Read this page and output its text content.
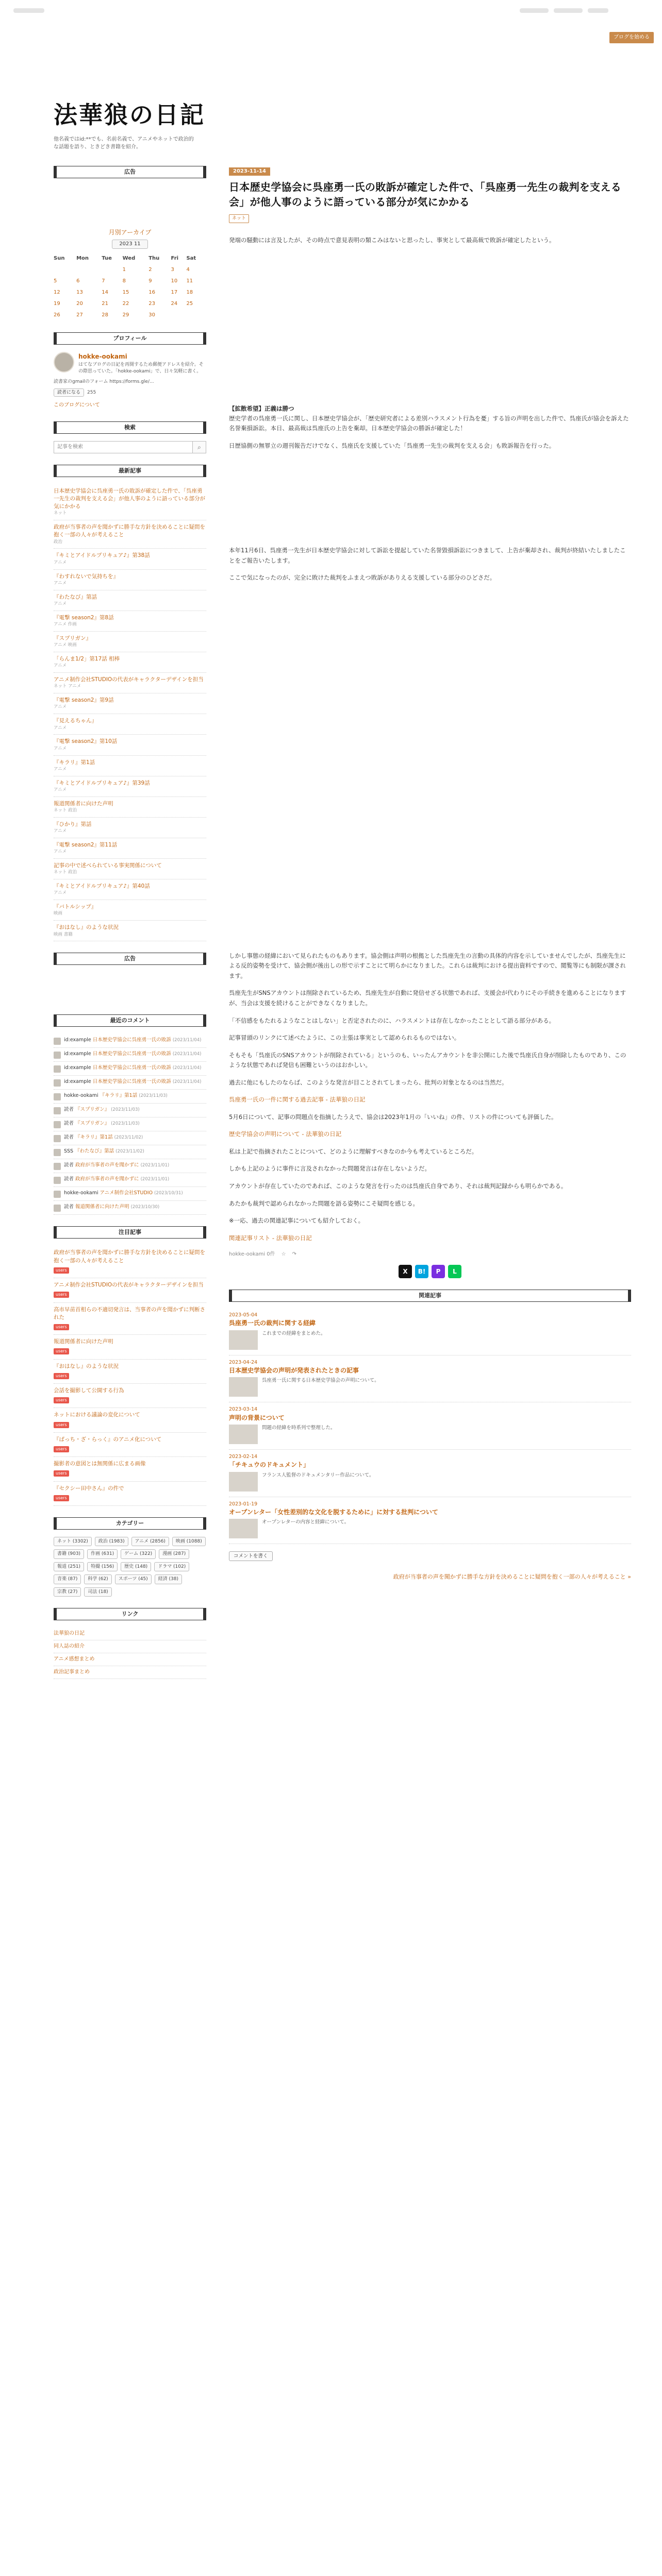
ブログを始める
法華狼の日記

他名義ではid:**でも、名前名義で、アニメやネットで政治的な話題を語り、ときどき書籍を紹介。

広告
月別アーカイブ
2023 11
Sun	Mon	Tue	Wed	Thu	Fri	Sat
			1	2	3	4
5	6	7	8	9	10	11
12	13	14	15	16	17	18
19	20	21	22	23	24	25
26	27	28	29	30		
プロフィール
hokke-ookami
はてなブログの日記を再開するため郵便アドレスを紹介。その際思っていた。「hokke-ookami」で、日々気軽に書く。
読書家のgmailのフォーム https://forms.gle/...
読者になる	255
このブログについて
検索
記事を検索
⌕
最新記事
日本歴史学協会に呉座勇一氏の敗訴が確定した件で、「呉座勇一先生の裁判を支える会」が他人事のように語っている部分が気にかかる
ネット
政府が当事者の声を聞かずに勝手な方針を決めることに疑問を抱く一部の人々が考えること
政治
『キミとアイドルプリキュア♪』第38話
アニメ
『わすれないで気持ちを』
アニメ
『わたなび』第話
アニメ
『電撃 season2』第8話
アニメ 作画
『スプリガン』
アニメ 映画
「らんま1/2」第17話 相棒
アニメ
アニメ制作会社STUDIOの代表がキャラクターデザインを担当
ネット アニメ
『電撃 season2』第9話
アニメ
『見えるちゃん』
アニメ
『電撃 season2』第10話
アニメ
『キラリ』第1話
アニメ
『キミとアイドルプリキュア♪』第39話
アニメ
報道関係者に向けた声明
ネット 政治
『ひかり』第話
アニメ
『電撃 season2』第11話
アニメ
記事の中で述べられている事実関係について
ネット 政治
『キミとアイドルプリキュア♪』第40話
アニメ
『バトルシップ』
映画
『おはなし』のような状況
映画 書籍
広告
最近のコメント
id:example 日本歴史学協会に呉座勇一氏の敗訴 (2023/11/04)
id:example 日本歴史学協会に呉座勇一氏の敗訴 (2023/11/04)
id:example 日本歴史学協会に呉座勇一氏の敗訴 (2023/11/04)
id:example 日本歴史学協会に呉座勇一氏の敗訴 (2023/11/04)
hokke-ookami 『キラリ』第1話 (2023/11/03)
読者 『スプリガン』 (2023/11/03)
読者 『スプリガン』 (2023/11/03)
読者 『キラリ』第1話 (2023/11/02)
SSS 『わたなび』第話 (2023/11/02)
読者 政府が当事者の声を聞かずに (2023/11/01)
読者 政府が当事者の声を聞かずに (2023/11/01)
hokke-ookami アニメ制作会社STUDIO (2023/10/31)
読者 報道関係者に向けた声明 (2023/10/30)
注目記事
政府が当事者の声を聞かずに勝手な方針を決めることに疑問を抱く一部の人々が考えること
users
アニメ制作会社STUDIOの代表がキャラクターデザインを担当
users
高市早苗首相らの不適切発言は、当事者の声を聞かずに判断された
users
報道関係者に向けた声明
users
『おはなし』のような状況
users
会話を撮影して公開する行為
users
ネットにおける議論の変化について
users
『ぱっち・ざ・らっく』のアニメ化について
users
撮影者の意図とは無関係に広まる画像
users
『セクシー田中さん』の件で
users
カテゴリー
ネット (3302)	政治 (1983)	アニメ (2856)	映画 (1088)
書籍 (903)	作画 (631)	ゲーム (322)	漫画 (287)
報道 (251)	特撮 (156)	歴史 (148)	ドラマ (102)
音楽 (87)	科学 (62)	スポーツ (45)	経済 (38)
宗教 (27)	司法 (18)
リンク
法華狼の日記
同人誌の紹介
アニメ感想まとめ
政治記事まとめ
2023-11-14
日本歴史学協会に呉座勇一氏の敗訴が確定した件で、「呉座勇一先生の裁判を支える会」が他人事のように語っている部分が気にかかる
ネット

発端の騒動には言及したが、その時点で意見表明の類こみはないと思ったし、事実として最高裁で敗訴が確定したという。

【拡散希望】正義は勝つ

歴史学者の呉座勇一氏に関し、日本歴史学協会が、「歴史研究者による差別ハラスメント行為を憂」する旨の声明を出した件で、呉座氏が協会を訴えた名誉棄損訴訟。本日、最高裁は呉座氏の上告を棄却。日本歴史学協会の勝訴が確定した！

日歴協側の無罪立の週刊報告だけでなく、呉座氏を支援していた「呉座勇一先生の裁判を支える会」も敗訴報告を行った。

本年11月6日、呉座勇一先生が日本歴史学協会に対して訴訟を提起していた名誉毀損訴訟につきまして、上告が棄却され、裁判が終結いたしましたことをご報告いたします。

ここで気になったのが、完全に敗けた裁判をふまえつ敗訴がありえる支援している部分のひどさだ。

しかし事態の経緯において見られたものもあります。協会側は声明の根拠とした呉座先生の言動の具体的内容を示していませんでしたが、呉座先生による反的姿勢を受けて、協会側が後出しの形で示すことにて明らかになりました。これらは裁判における提出資料ですので、閲覧等にも制限が課されます。

呉座先生がSNSアカウントは削除されているため、呉座先生が自動に発信せざる状態であれば、支援会が代わりにその手続きを進めることになりますが、当会は支援を続けることができなくなりました。

「不信感をもたれるようなことはしない」と否定されたのに、ハラスメントは存在しなかったこととして語る部分がある。

記事冒頭のリンクにて述べたように、この主張は事実として認められるものではない。

そもそも「呉座氏のSNSアカウントが削除されている」というのも、いったんアカウントを非公開にした後で呉座氏自身が削除したものであり、このような状態であれば発信も困難というのはおかしい。

過去に他にもしたのならば、このような発言が目ことされてしまったら、批判の対象となるのは当然だ。

呉座勇一氏の一件に関する過去記事 - 法華狼の日記

5月6日について、記事の問題点を指摘したうえで、協会は2023年1月の「いいね」の件、リストの件についても評価した。

歴史学協会の声明について - 法華狼の日記

私は上記で指摘されたことについて、どのように理解すべきなのか今も考えているところだ。

しかも上記のように事件に言及されなかった問題発言は存在しないようだ。

アカウントが存在していたのであれば、このような発言を行ったのは呉座氏自身であり、それは裁判記録からも明らかである。

あたかも裁判で認められなかった問題を語る姿勢にこそ疑問を感じる。

※一応、過去の関連記事についても紹介しておく。

関連記事リスト - 法華狼の日記

hokke-ookami 0件 ☆ ↷
X	B!	P	L
関連記事
2023-05-04
呉座勇一氏の裁判に関する経緯
これまでの経緯をまとめた。
2023-04-24
日本歴史学協会の声明が発表されたときの記事
呉座勇一氏に関する日本歴史学協会の声明について。
2023-03-14
声明の背景について
問題の経緯を時系列で整理した。
2023-02-14
「チキュウのドキュメント」
フランス人監督のドキュメンタリー作品について。
2023-01-19
オープンレター「女性差別的な文化を脱するために」に対する批判について
オープンレターの内容と経緯について。
コメントを書く
政府が当事者の声を聞かずに勝手な方針を決めることに疑問を抱く一部の人々が考えること »
